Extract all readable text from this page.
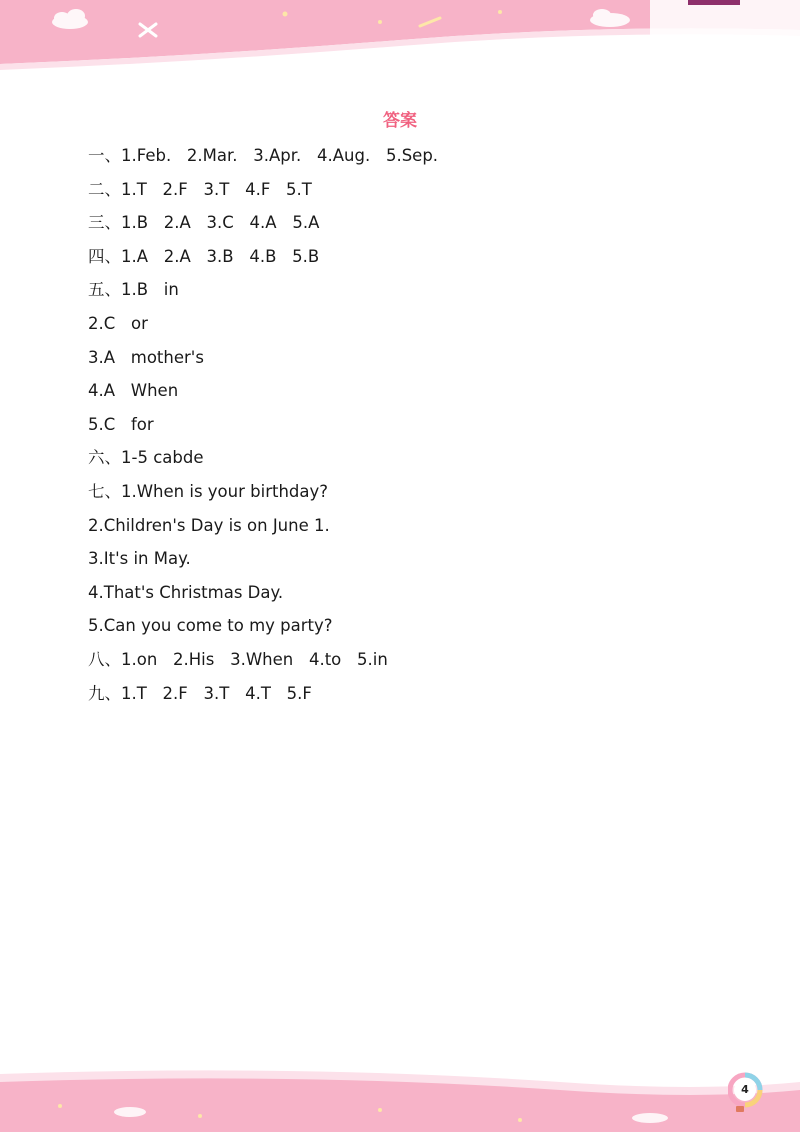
答案
一、1.Feb.   2.Mar.   3.Apr.   4.Aug.   5.Sep.
二、1.T   2.F   3.T   4.F   5.T
三、1.B   2.A   3.C   4.A   5.A
四、1.A   2.A   3.B   4.B   5.B
五、1.B   in
2.C   or
3.A   mother's
4.A   When
5.C   for
六、1-5 cabde
七、1.When is your birthday?
2.Children's Day is on June 1.
3.It's in May.
4.That's Christmas Day.
5.Can you come to my party?
八、1.on   2.His   3.When   4.to   5.in
九、1.T   2.F   3.T   4.T   5.F
4
